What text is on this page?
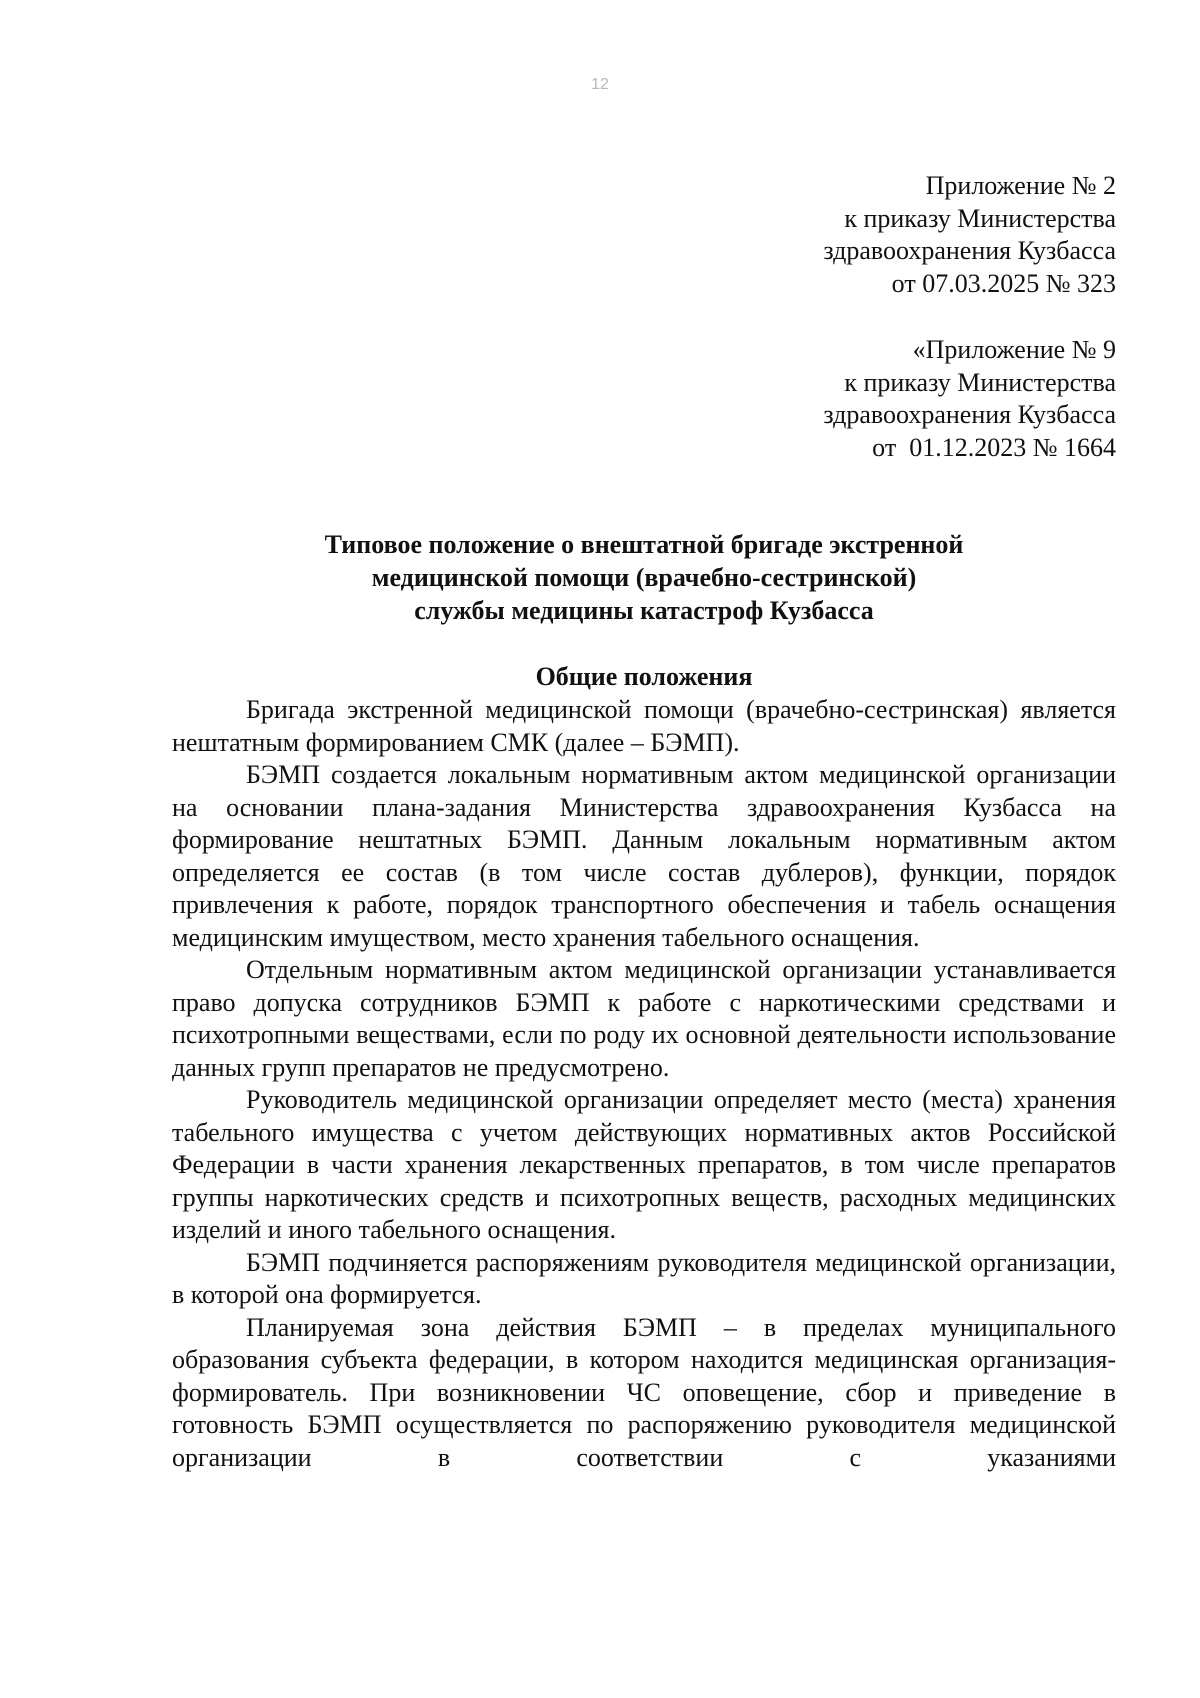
12
Приложение № 2
к приказу Министерства
здравоохранения Кузбасса
от 07.03.2025 № 323
«Приложение № 9
к приказу Министерства
здравоохранения Кузбасса
от  01.12.2023 № 1664
Типовое положение о внештатной бригаде экстренной
медицинской помощи (врачебно-сестринской)
службы медицины катастроф Кузбасса
Общие положения

Бригада экстренной медицинской помощи (врачебно-сестринская) является нештатным формированием СМК (далее – БЭМП).

БЭМП создается локальным нормативным актом медицинской организации на основании плана-задания Министерства здравоохранения Кузбасса на формирование нештатных БЭМП. Данным локальным нормативным актом определяется ее состав (в том числе состав дублеров), функции, порядок привлечения к работе, порядок транспортного обеспечения и табель оснащения медицинским имуществом, место хранения табельного оснащения.

Отдельным нормативным актом медицинской организации устанавливается право допуска сотрудников БЭМП к работе с наркотическими средствами и психотропными веществами, если по роду их основной деятельности использование данных групп препаратов не предусмотрено.

Руководитель медицинской организации определяет место (места) хранения табельного имущества с учетом действующих нормативных актов Российской Федерации в части хранения лекарственных препаратов, в том числе препаратов группы наркотических средств и психотропных веществ, расходных медицинских изделий и иного табельного оснащения.

БЭМП подчиняется распоряжениям руководителя медицинской организации, в которой она формируется.

Планируемая зона действия БЭМП – в пределах муниципального образования субъекта федерации, в котором находится медицинская организация-формирователь. При возникновении ЧС оповещение, сбор и приведение в готовность БЭМП осуществляется по распоряжению руководителя медицинской организации в соответствии с указаниями
